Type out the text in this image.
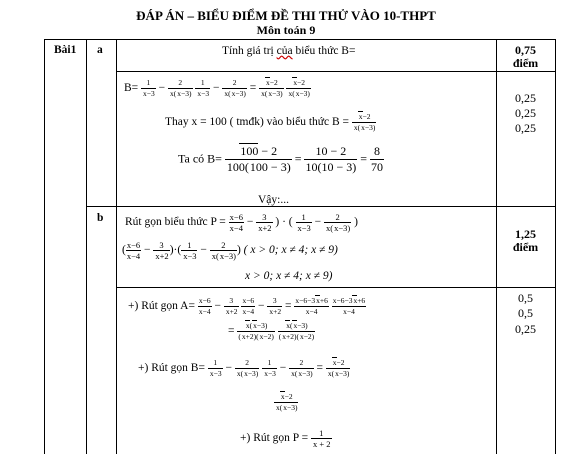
ĐÁP ÁN – BIỂU ĐIỂM ĐỀ THI THỬ VÀO 10-THPT
Môn toán 9
Bài1 a
b
Tính giá trị của biểu thức B=	0,75
điểm
$B= \frac{1}{x-3} - \frac{2}{x(x-3)}$
$\frac{1}{x-3} - \frac{2}{x(x-3)} = \frac{x-2}{x(x-3)}$
$\frac{x-2}{x(x-3)}$
Thay x = 100 ( tmđk) vào biểu thức $B = \frac{x-2}{x(x-3)}$
0,25
0,25
0,25
Ta có $B= \frac{100 - 2}{100(100 - 3)} = \frac{10 - 2}{10(10 - 3)} = \frac{8}{70}$
Vậy:...
Rút gọn biểu thức $P = \frac{x-6}{x-4} - \frac{3}{x+2}$ ) · ( $\frac{1}{x-3} - \frac{2}{x(x-3)}$ )
( $\frac{x-6}{x-4} - \frac{3}{x+2}$ )·( $\frac{1}{x-3} - \frac{2}{x(x-3)}$ ) ( x > 0; x ≠ 4; x ≠ 9)
x > 0; x ≠ 4; x ≠ 9)
1,25
điểm
+) Rút gọn $A= \frac{x-6}{x-4} - \frac{3}{x+2}$
$\frac{x-6}{x-4} - \frac{3}{x+2} = \frac{x-6-3x+6}{x-4}$
$\frac{x-6-3x+6}{x-4}$
= $\frac{x(x-3)}{(x+2)(x-2)}$
$\frac{x(x-3)}{(x+2)(x-2)}$
0,5
0,5
0,25
+) Rút gọn $B= \frac{1}{x-3} - \frac{2}{x(x-3)}$
$\frac{1}{x-3} - \frac{2}{x(x-3)} = \frac{x-2}{x(x-3)}$
$\frac{x-2}{x(x-3)}$
+) Rút gọn $P = \frac{1}{x + 2}$
